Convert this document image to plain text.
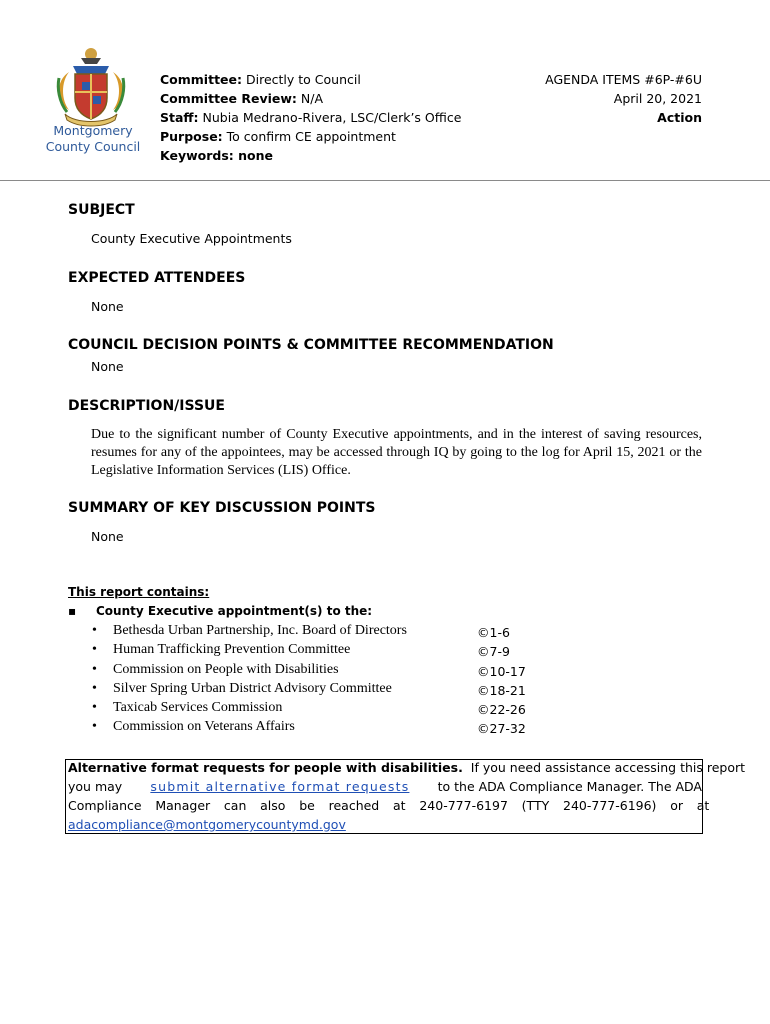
Montgomery
County Council
Committee: Directly to Council
Committee Review: N/A
Staff: Nubia Medrano-Rivera, LSC/Clerk’s Office
Purpose: To confirm CE appointment
Keywords: none
AGENDA ITEMS #6P-#6U
April 20, 2021
Action
SUBJECT
County Executive Appointments
EXPECTED ATTENDEES
None
COUNCIL DECISION POINTS & COMMITTEE RECOMMENDATION
None
DESCRIPTION/ISSUE
Due to the significant number of County Executive appointments, and in the interest of saving resources, resumes for any of the appointees, may be accessed through IQ by going to the log for April 15, 2021 or the Legislative Information Services (LIS) Office.
SUMMARY OF KEY DISCUSSION POINTS
None
This report contains:
▪ County Executive appointment(s) to the:
• Bethesda Urban Partnership, Inc. Board of Directors	©1-6
• Human Trafficking Prevention Committee	©7-9
• Commission on People with Disabilities	©10-17
• Silver Spring Urban District Advisory Committee	©18-21
• Taxicab Services Commission	©22-26
• Commission on Veterans Affairs	©27-32
Alternative format requests for people with disabilities. If you need assistance accessing this report
you may submit alternative format requests to the ADA Compliance Manager. The ADA
Compliance Manager can also be reached at 240-777-6197 (TTY 240-777-6196) or at
adacompliance@montgomerycountymd.gov
